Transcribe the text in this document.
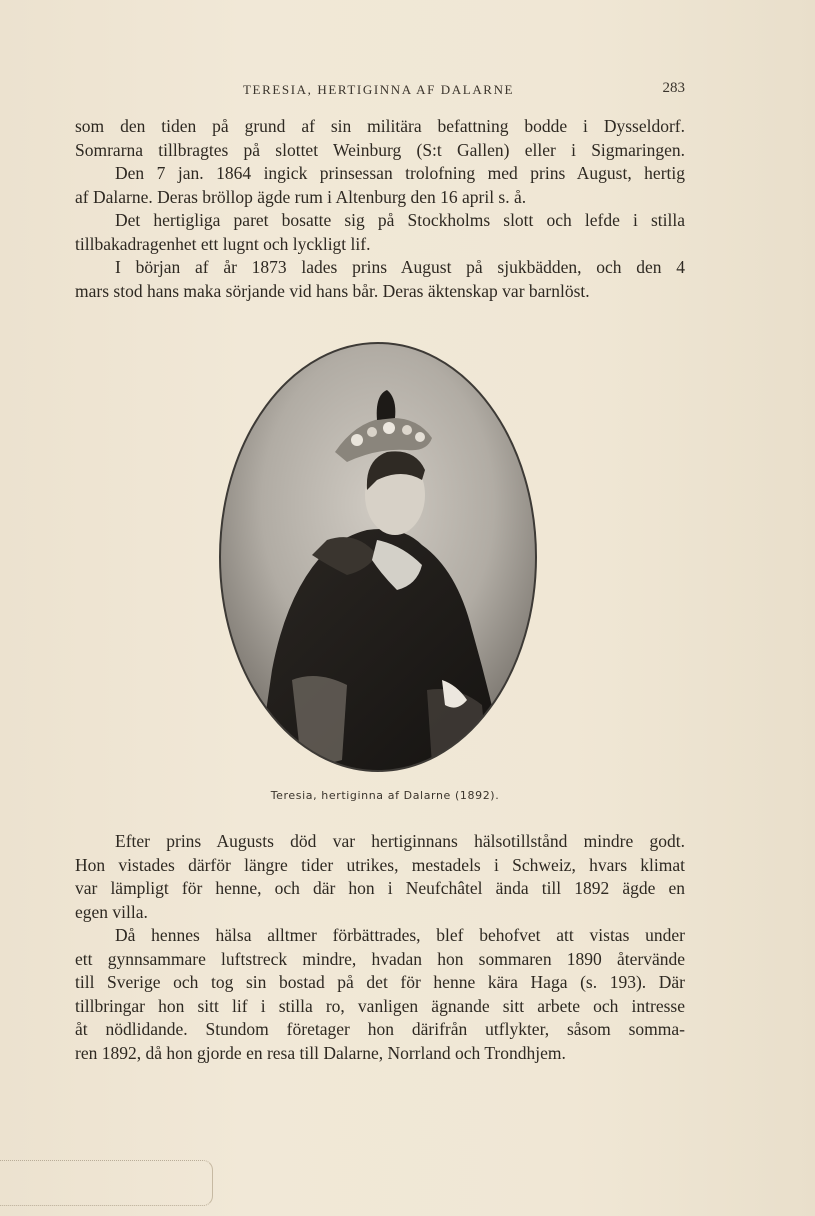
TERESIA, HERTIGINNA AF DALARNE	283
som den tiden på grund af sin militära befattning bodde i Dysseldorf.
Somrarna tillbragtes på slottet Weinburg (S:t Gallen) eller i Sigmaringen.
Den 7 jan. 1864 ingick prinsessan trolofning med prins August, hertig
af Dalarne. Deras bröllop ägde rum i Altenburg den 16 april s. å.
Det hertigliga paret bosatte sig på Stockholms slott och lefde i stilla
tillbakadragenhet ett lugnt och lyckligt lif.
I början af år 1873 lades prins August på sjukbädden, och den 4
mars stod hans maka sörjande vid hans bår. Deras äktenskap var barnlöst.
Teresia, hertiginna af Dalarne (1892).
Efter prins Augusts död var hertiginnans hälsotillstånd mindre godt.
Hon vistades därför längre tider utrikes, mestadels i Schweiz, hvars klimat
var lämpligt för henne, och där hon i Neufchâtel ända till 1892 ägde en
egen villa.
Då hennes hälsa alltmer förbättrades, blef behofvet att vistas under
ett gynnsammare luftstreck mindre, hvadan hon sommaren 1890 återvände
till Sverige och tog sin bostad på det för henne kära Haga (s. 193). Där
tillbringar hon sitt lif i stilla ro, vanligen ägnande sitt arbete och intresse
åt nödlidande. Stundom företager hon därifrån utflykter, såsom somma-
ren 1892, då hon gjorde en resa till Dalarne, Norrland och Trondhjem.
